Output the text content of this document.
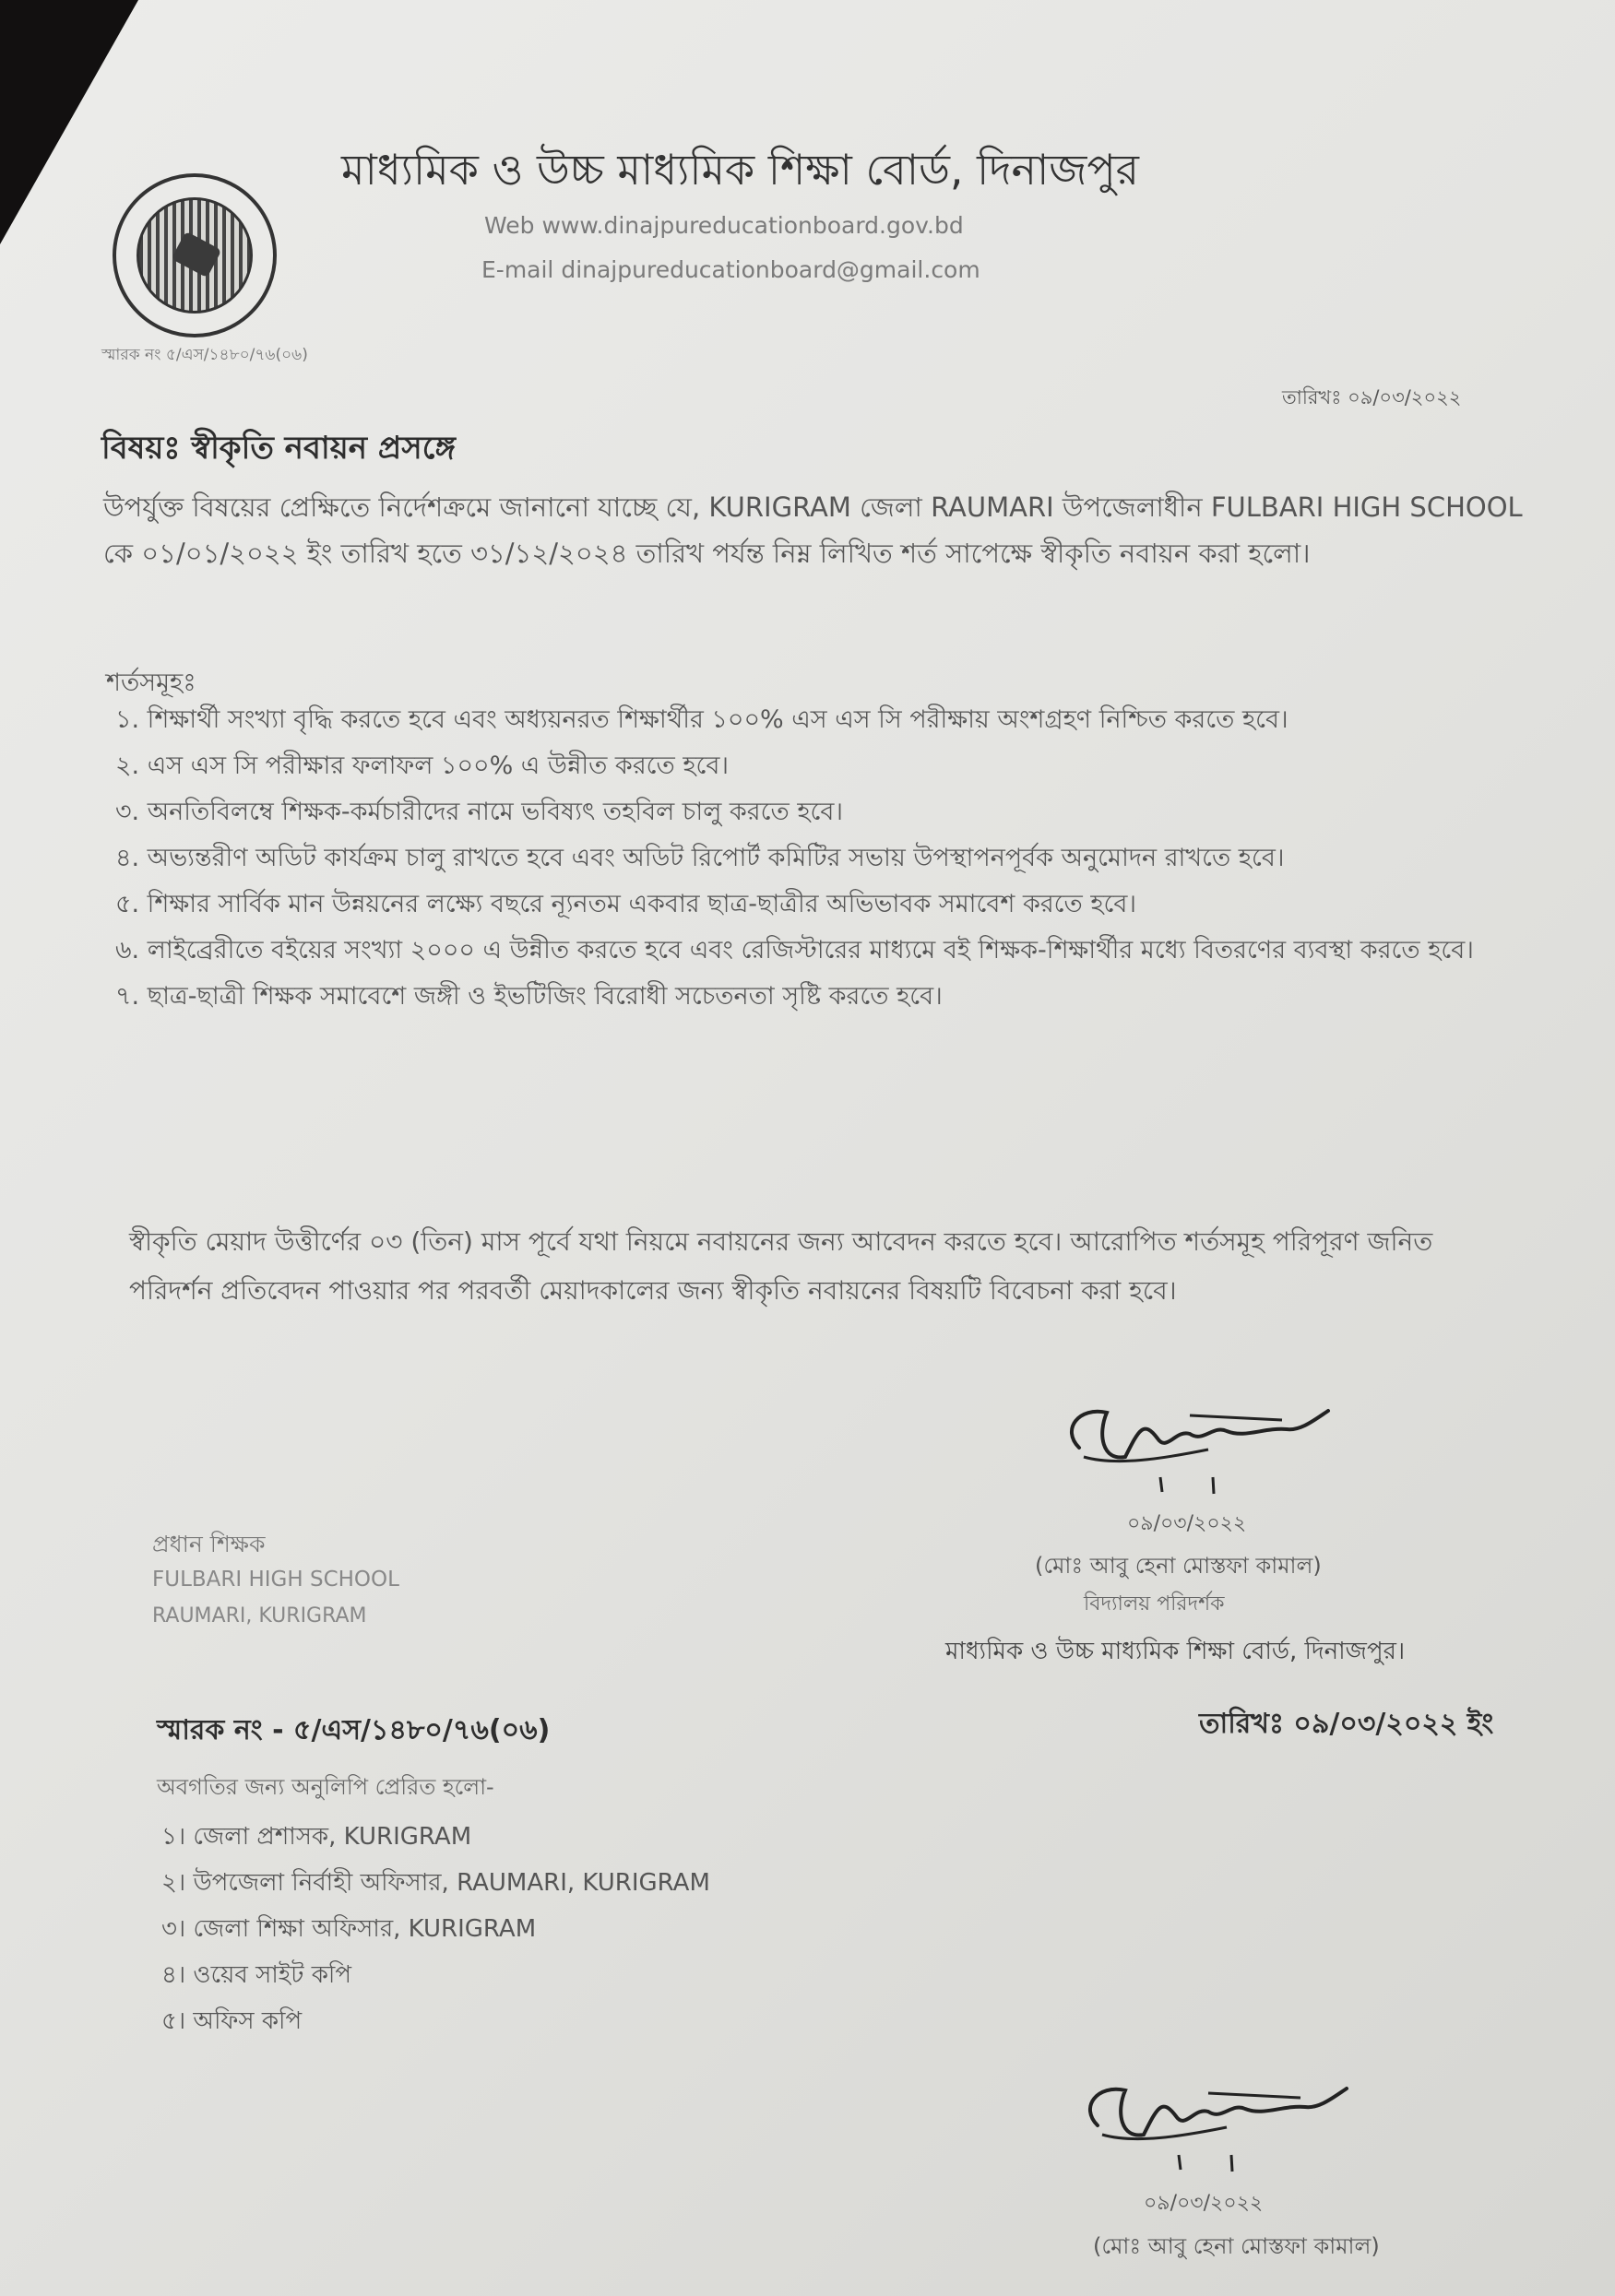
মাধ্যমিক ও উচ্চ মাধ্যমিক শিক্ষা বোর্ড, দিনাজপুর
Web www.dinajpureducationboard.gov.bd
E-mail dinajpureducationboard@gmail.com
স্মারক নং ৫/এস/১৪৮০/৭৬(০৬)
তারিখঃ ০৯/০৩/২০২২
বিষয়ঃ স্বীকৃতি নবায়ন প্রসঙ্গে
উপর্যুক্ত বিষয়ের প্রেক্ষিতে নির্দেশক্রমে জানানো যাচ্ছে যে, KURIGRAM জেলা RAUMARI উপজেলাধীন FULBARI HIGH SCHOOL কে ০১/০১/২০২২ ইং তারিখ হতে ৩১/১২/২০২৪ তারিখ পর্যন্ত নিম্ন লিখিত শর্ত সাপেক্ষে স্বীকৃতি নবায়ন করা হলো।
শর্তসমূহঃ
১. শিক্ষার্থী সংখ্যা বৃদ্ধি করতে হবে এবং অধ্যয়নরত শিক্ষার্থীর ১০০% এস এস সি পরীক্ষায় অংশগ্রহণ নিশ্চিত করতে হবে।
২. এস এস সি পরীক্ষার ফলাফল ১০০% এ উন্নীত করতে হবে।
৩. অনতিবিলম্বে শিক্ষক-কর্মচারীদের নামে ভবিষ্যৎ তহবিল চালু করতে হবে।
৪. অভ্যন্তরীণ অডিট কার্যক্রম চালু রাখতে হবে এবং অডিট রিপোর্ট কমিটির সভায় উপস্থাপনপূর্বক অনুমোদন রাখতে হবে।
৫. শিক্ষার সার্বিক মান উন্নয়নের লক্ষ্যে বছরে ন্যূনতম একবার ছাত্র-ছাত্রীর অভিভাবক সমাবেশ করতে হবে।
৬. লাইব্রেরীতে বইয়ের সংখ্যা ২০০০ এ উন্নীত করতে হবে এবং রেজিস্টারের মাধ্যমে বই শিক্ষক-শিক্ষার্থীর মধ্যে বিতরণের ব্যবস্থা করতে হবে।
৭. ছাত্র-ছাত্রী শিক্ষক সমাবেশে জঙ্গী ও ইভটিজিং বিরোধী সচেতনতা সৃষ্টি করতে হবে।
স্বীকৃতি মেয়াদ উত্তীর্ণের ০৩ (তিন) মাস পূর্বে যথা নিয়মে নবায়নের জন্য আবেদন করতে হবে। আরোপিত শর্তসমূহ পরিপূরণ জনিত পরিদর্শন প্রতিবেদন পাওয়ার পর পরবর্তী মেয়াদকালের জন্য স্বীকৃতি নবায়নের বিষয়টি বিবেচনা করা হবে।
০৯/০৩/২০২২
(মোঃ আবু হেনা মোস্তফা কামাল)
বিদ্যালয় পরিদর্শক
মাধ্যমিক ও উচ্চ মাধ্যমিক শিক্ষা বোর্ড, দিনাজপুর।
প্রধান শিক্ষক
FULBARI HIGH SCHOOL
RAUMARI, KURIGRAM
স্মারক নং - ৫/এস/১৪৮০/৭৬(০৬)	তারিখঃ ০৯/০৩/২০২২ ইং
অবগতির জন্য অনুলিপি প্রেরিত হলো-
১। জেলা প্রশাসক, KURIGRAM
২। উপজেলা নির্বাহী অফিসার, RAUMARI, KURIGRAM
৩। জেলা শিক্ষা অফিসার, KURIGRAM
৪। ওয়েব সাইট কপি
৫। অফিস কপি
০৯/০৩/২০২২
(মোঃ আবু হেনা মোস্তফা কামাল)
